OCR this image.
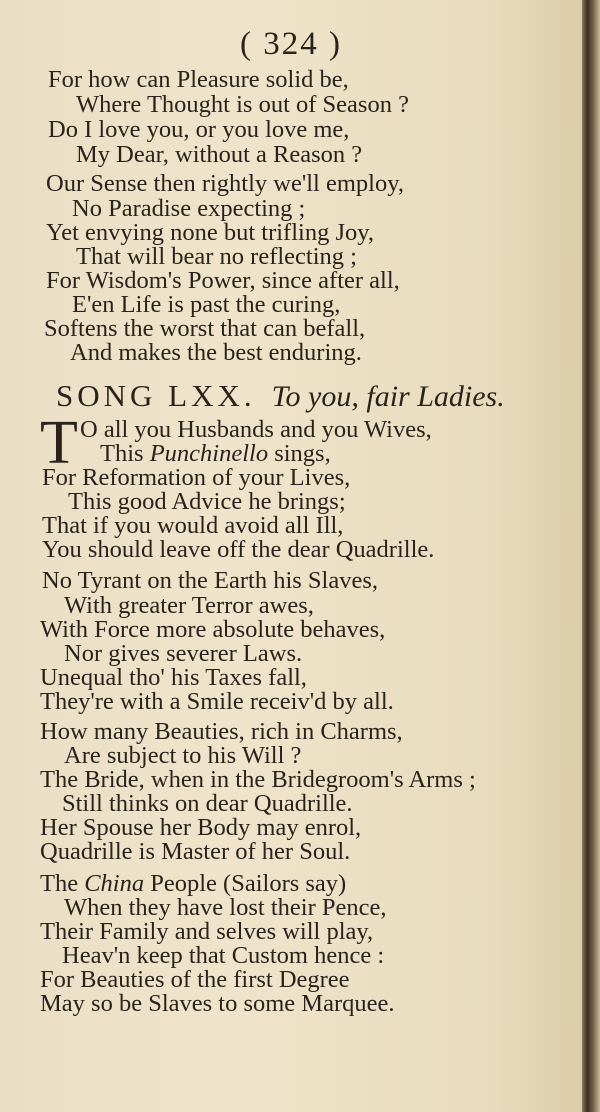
( 324 )
For how can Pleasure solid be,
Where Thought is out of Season ?
Do I love you, or you love me,
My Dear, without a Reason ?
Our Sense then rightly we'll employ,
No Paradise expecting ;
Yet envying none but trifling Joy,
That will bear no reflecting ;
For Wisdom's Power, since after all,
E'en Life is past the curing,
Softens the worst that can befall,
And makes the best enduring.
SONG LXX. To you, fair Ladies.
T O all you Husbands and you Wives,
This Punchinello sings,
For Reformation of your Lives,
This good Advice he brings;
That if you would avoid all Ill,
You should leave off the dear Quadrille.
No Tyrant on the Earth his Slaves,
With greater Terror awes,
With Force more absolute behaves,
Nor gives severer Laws.
Unequal tho' his Taxes fall,
They're with a Smile receiv'd by all.
How many Beauties, rich in Charms,
Are subject to his Will ?
The Bride, when in the Bridegroom's Arms ;
Still thinks on dear Quadrille.
Her Spouse her Body may enrol,
Quadrille is Master of her Soul.
The China People (Sailors say)
When they have lost their Pence,
Their Family and selves will play,
Heav'n keep that Custom hence :
For Beauties of the first Degree
May so be Slaves to some Marquee.
